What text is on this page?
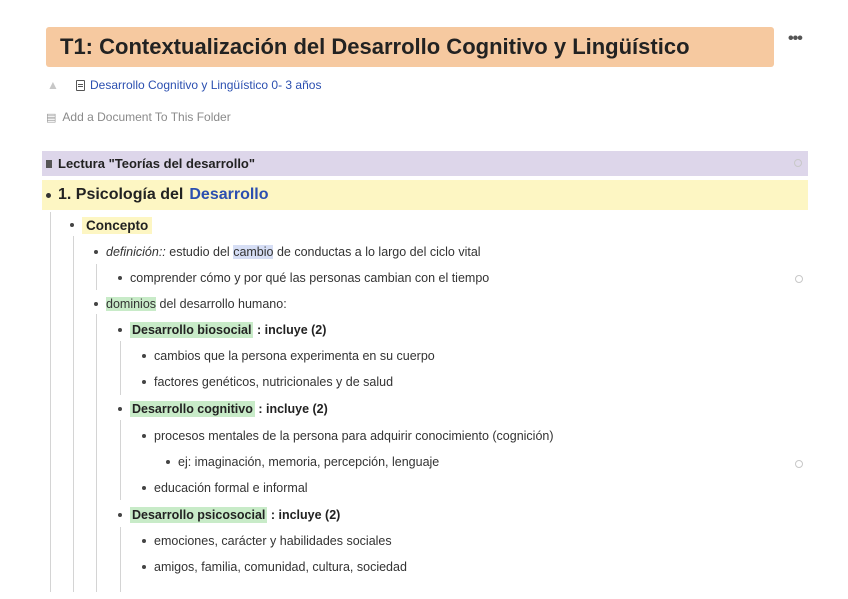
T1: Contextualización del Desarrollo Cognitivo y Lingüístico	•••
▲	Desarrollo Cognitivo y Lingüístico 0- 3 años
▤ Add a Document To This Folder
Lectura "Teorías del desarrollo"
1. Psicología del Desarrollo
Concepto
definición:: estudio del cambio de conductas a lo largo del ciclo vital
comprender cómo y por qué las personas cambian con el tiempo
dominios del desarrollo humano:
Desarrollo biosocial : incluye (2)
cambios que la persona experimenta en su cuerpo
factores genéticos, nutricionales y de salud
Desarrollo cognitivo : incluye (2)
procesos mentales de la persona para adquirir conocimiento (cognición)
ej: imaginación, memoria, percepción, lenguaje
educación formal e informal
Desarrollo psicosocial : incluye (2)
emociones, carácter y habilidades sociales
amigos, familia, comunidad, cultura, sociedad
